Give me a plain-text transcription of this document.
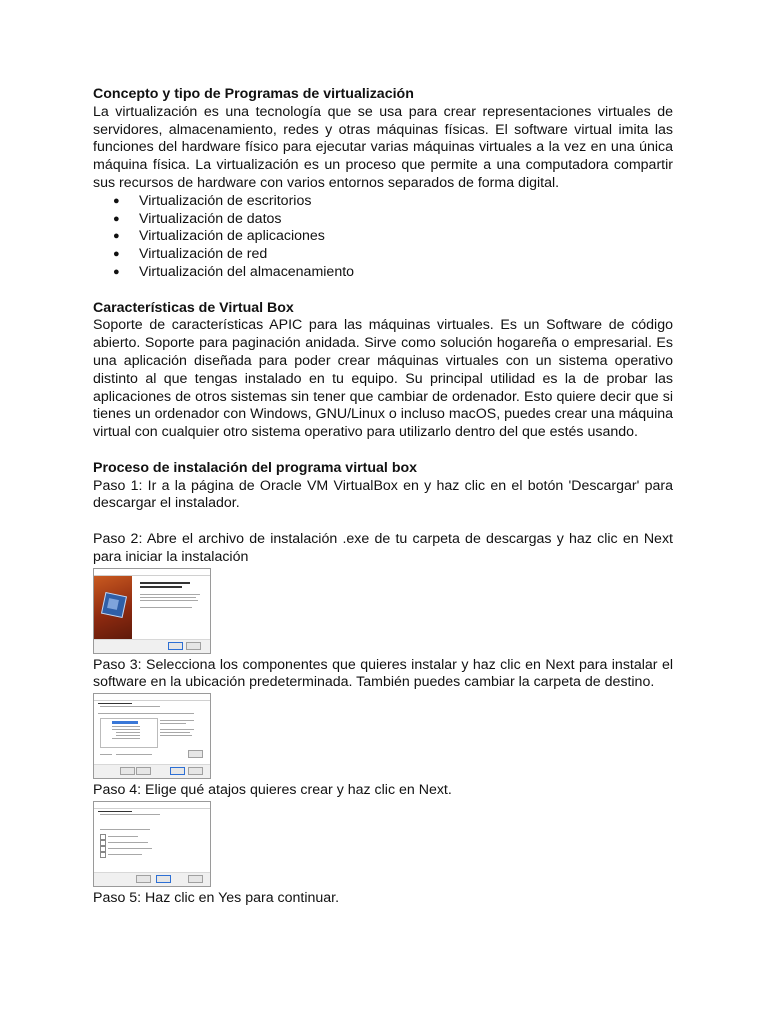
Concepto y tipo de Programas de virtualización

La virtualización es una tecnología que se usa para crear representaciones virtuales de servidores, almacenamiento, redes y otras máquinas físicas. El software virtual imita las funciones del hardware físico para ejecutar varias máquinas virtuales a la vez en una única máquina física. La virtualización es un proceso que permite a una computadora compartir sus recursos de hardware con varios entornos separados de forma digital.

● Virtualización de escritorios
● Virtualización de datos
● Virtualización de aplicaciones
● Virtualización de red
● Virtualización del almacenamiento
Características de Virtual Box

Soporte de características APIC para las máquinas virtuales. Es un Software de código abierto. Soporte para paginación anidada. Sirve como solución hogareña o empresarial. Es una aplicación diseñada para poder crear máquinas virtuales con un sistema operativo distinto al que tengas instalado en tu equipo. Su principal utilidad es la de probar las aplicaciones de otros sistemas sin tener que cambiar de ordenador. Esto quiere decir que si tienes un ordenador con Windows, GNU/Linux o incluso macOS, puedes crear una máquina virtual con cualquier otro sistema operativo para utilizarlo dentro del que estés usando.

Proceso de instalación del programa virtual box

Paso 1: Ir a la página de Oracle VM VirtualBox en y haz clic en el botón 'Descargar' para descargar el instalador.

Paso 2: Abre el archivo de instalación .exe de tu carpeta de descargas y haz clic en Next para iniciar la instalación

Paso 3: Selecciona los componentes que quieres instalar y haz clic en Next para instalar el software en la ubicación predeterminada. También puedes cambiar la carpeta de destino.

Paso 4: Elige qué atajos quieres crear y haz clic en Next.

Paso 5: Haz clic en Yes para continuar.
